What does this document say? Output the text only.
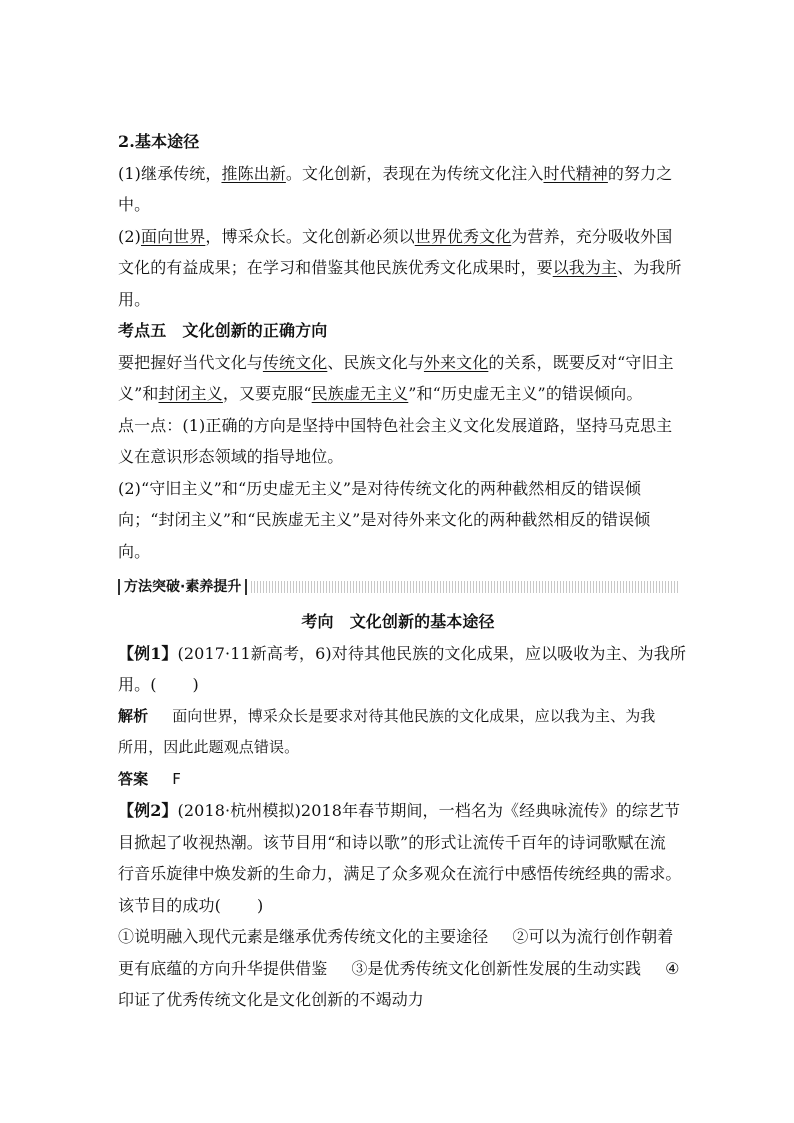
2.基本途径
(1)继承传统，推陈出新。文化创新，表现在为传统文化注入时代精神的努力之
中。
(2)面向世界，博采众长。文化创新必须以世界优秀文化为营养，充分吸收外国
文化的有益成果；在学习和借鉴其他民族优秀文化成果时，要以我为主、为我所
用。
考点五　文化创新的正确方向
要把握好当代文化与传统文化、民族文化与外来文化的关系，既要反对“守旧主
义”和封闭主义，又要克服“民族虚无主义”和“历史虚无主义”的错误倾向。
点一点：(1)正确的方向是坚持中国特色社会主义文化发展道路，坚持马克思主
义在意识形态领域的指导地位。
(2)“守旧主义”和“历史虚无主义”是对待传统文化的两种截然相反的错误倾
向；“封闭主义”和“民族虚无主义”是对待外来文化的两种截然相反的错误倾
向。
方法突破·素养提升
考向　文化创新的基本途径
【例1】(2017·11新高考，6)对待其他民族的文化成果，应以吸收为主、为我所
用。( )
解析 面向世界，博采众长是要求对待其他民族的文化成果，应以我为主、为我
所用，因此此题观点错误。
答案 F
【例2】(2018·杭州模拟)2018年春节期间，一档名为《经典咏流传》的综艺节
目掀起了收视热潮。该节目用“和诗以歌”的形式让流传千百年的诗词歌赋在流
行音乐旋律中焕发新的生命力，满足了众多观众在流行中感悟传统经典的需求。
该节目的成功( )
①说明融入现代元素是继承优秀传统文化的主要途径 ②可以为流行创作朝着
更有底蕴的方向升华提供借鉴 ③是优秀传统文化创新性发展的生动实践 ④
印证了优秀传统文化是文化创新的不竭动力
